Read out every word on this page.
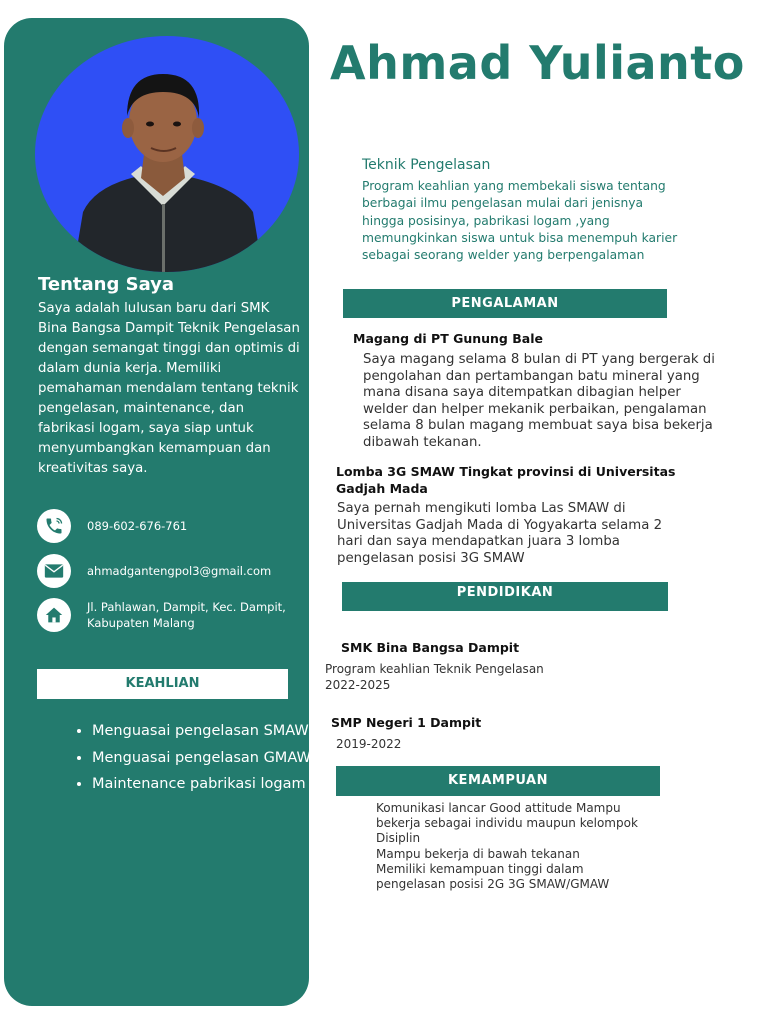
Tentang Saya

Saya adalah lulusan baru dari SMK Bina Bangsa Dampit Teknik Pengelasan dengan semangat tinggi dan optimis di dalam dunia kerja. Memiliki pemahaman mendalam tentang teknik pengelasan, maintenance, dan fabrikasi logam, saya siap untuk menyumbangkan kemampuan dan kreativitas saya.

089-602-676-761
ahmadgantengpol3@gmail.com
Jl. Pahlawan, Dampit, Kec. Dampit, Kabupaten Malang
KEAHLIAN
• Menguasai pengelasan SMAW
• Menguasai pengelasan GMAW
• Maintenance pabrikasi logam
Ahmad Yulianto

Teknik Pengelasan

Program keahlian yang membekali siswa tentang berbagai ilmu pengelasan mulai dari jenisnya hingga posisinya, pabrikasi logam ,yang memungkinkan siswa untuk bisa menempuh karier sebagai seorang welder yang berpengalaman

PENGALAMAN

Magang di PT Gunung Bale

Saya magang selama 8 bulan di PT yang bergerak di pengolahan dan pertambangan batu mineral yang mana disana saya ditempatkan dibagian helper welder dan helper mekanik perbaikan, pengalaman selama 8 bulan magang membuat saya bisa bekerja dibawah tekanan.

Lomba 3G SMAW Tingkat provinsi di Universitas Gadjah Mada

Saya pernah mengikuti lomba Las SMAW di Universitas Gadjah Mada di Yogyakarta selama 2 hari dan saya mendapatkan juara 3 lomba pengelasan posisi 3G SMAW

PENDIDIKAN

SMK Bina Bangsa Dampit

Program keahlian Teknik Pengelasan

2022-2025

SMP Negeri 1 Dampit

2019-2022

KEMAMPUAN

Komunikasi lancar Good attitude Mampu bekerja sebagai individu maupun kelompok
Disiplin
Mampu bekerja di bawah tekanan
Memiliki kemampuan tinggi dalam pengelasan posisi 2G 3G SMAW/GMAW
